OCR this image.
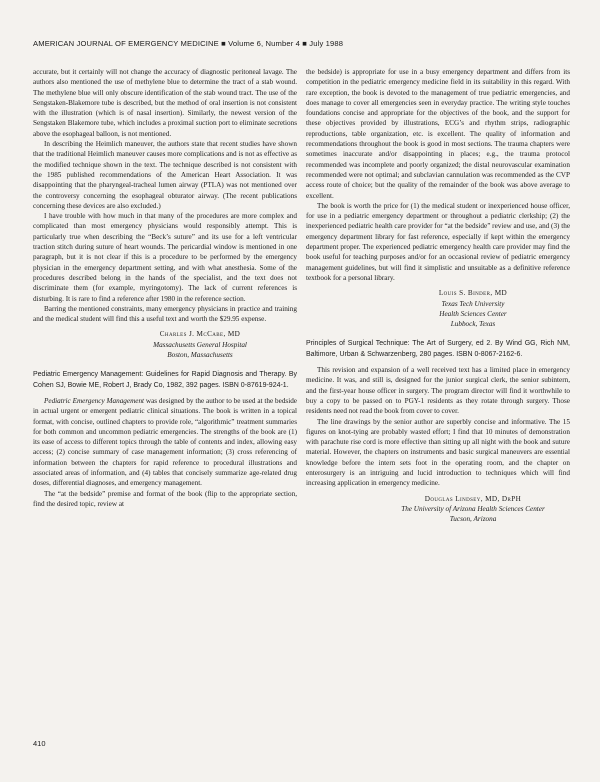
AMERICAN JOURNAL OF EMERGENCY MEDICINE ■ Volume 6, Number 4 ■ July 1988

accurate, but it certainly will not change the accuracy of diagnostic peritoneal lavage. The authors also mentioned the use of methylene blue to determine the tract of a stab wound. The methylene blue will only obscure identification of the stab wound tract. The use of the Sengstaken-Blakemore tube is described, but the method of oral insertion is not consistent with the illustration (which is of nasal insertion). Similarly, the newest version of the Sengstaken Blakemore tube, which includes a proximal suction port to eliminate secretions above the esophageal balloon, is not mentioned.

In describing the Heimlich maneuver, the authors state that recent studies have shown that the traditional Heimlich maneuver causes more complications and is not as effective as the modified technique shown in the text. The technique described is not consistent with the 1985 published recommendations of the American Heart Association. It was disappointing that the pharyngeal-tracheal lumen airway (PTLA) was not mentioned over the controversy concerning the esophageal obturator airway. (The recent publications concerning these devices are also excluded.)

I have trouble with how much in that many of the procedures are more complex and complicated than most emergency physicians would responsibly attempt. This is particularly true when describing the “Beck’s suture” and its use for a left ventricular traction stitch during suture of heart wounds. The pericardial window is mentioned in one paragraph, but it is not clear if this is a procedure to be performed by the emergency physician in the emergency department setting, and with what anesthesia. Some of the procedures described belong in the hands of the specialist, and the text does not discriminate them (for example, myringotomy). The lack of current references is disturbing. It is rare to find a reference after 1980 in the reference section.

Barring the mentioned constraints, many emergency physicians in practice and training and the medical student will find this a useful text and worth the $29.95 expense.

Charles J. McCabe, MD
Massachusetts General Hospital
Boston, Massachusetts
Pediatric Emergency Management: Guidelines for Rapid Diagnosis and Therapy. By Cohen SJ, Bowie ME, Robert J, Brady Co, 1982, 392 pages. ISBN 0-87619-924-1.

Pediatric Emergency Management was designed by the author to be used at the bedside in actual urgent or emergent pediatric clinical situations. The book is written in a topical format, with concise, outlined chapters to provide role, “algorithmic” treatment summaries for both common and uncommon pediatric emergencies. The strengths of the book are (1) its ease of access to different topics through the table of contents and index, allowing easy access; (2) concise summary of case management information; (3) cross referencing of information between the chapters for rapid reference to procedural illustrations and associated areas of information, and (4) tables that concisely summarize age-related drug doses, differential diagnoses, and emergency management.

The “at the bedside” premise and format of the book (flip to the appropriate section, find the desired topic, review at

the bedside) is appropriate for use in a busy emergency department and differs from its competition in the pediatric emergency medicine field in its suitability in this regard. With rare exception, the book is devoted to the management of true pediatric emergencies, and does manage to cover all emergencies seen in everyday practice. The writing style touches foundations concise and appropriate for the objectives of the book, and the support for these objectives provided by illustrations, ECG’s and rhythm strips, radiographic reproductions, table organization, etc. is excellent. The quality of information and recommendations throughout the book is good in most sections. The trauma chapters were sometimes inaccurate and/or disappointing in places; e.g., the trauma protocol recommended was incomplete and poorly organized; the distal neurovascular examination recommended were not optimal; and subclavian cannulation was recommended as the CVP access route of choice; but the quality of the remainder of the book was above average to excellent.

The book is worth the price for (1) the medical student or inexperienced house officer, for use in a pediatric emergency department or throughout a pediatric clerkship; (2) the inexperienced pediatric health care provider for “at the bedside” review and use, and (3) the emergency department library for fast reference, especially if kept within the emergency department proper. The experienced pediatric emergency health care provider may find the book useful for teaching purposes and/or for an occasional review of pediatric emergency management guidelines, but will find it simplistic and unsuitable as a definitive reference textbook for a personal library.

Louis S. Binder, MD
Texas Tech University
Health Sciences Center
Lubbock, Texas
Principles of Surgical Technique: The Art of Surgery, ed 2. By Wind GG, Rich NM, Baltimore, Urban & Schwarzenberg, 280 pages. ISBN 0-8067-2162-6.

This revision and expansion of a well received text has a limited place in emergency medicine. It was, and still is, designed for the junior surgical clerk, the senior subintern, and the first-year house officer in surgery. The program director will find it worthwhile to buy a copy to be passed on to PGY-1 residents as they rotate through surgery. Those residents need not read the book from cover to cover.

The line drawings by the senior author are superbly concise and informative. The 15 figures on knot-tying are probably wasted effort; I find that 10 minutes of demonstration with parachute rise cord is more effective than sitting up all night with the book and suture material. However, the chapters on instruments and basic surgical maneuvers are essential knowledge before the intern sets foot in the operating room, and the chapter on enterosurgery is an intriguing and lucid introduction to techniques which will find increasing application in emergency medicine.

Douglas Lindsey, MD, DrPH
The University of Arizona Health Sciences Center
Tucson, Arizona
410
